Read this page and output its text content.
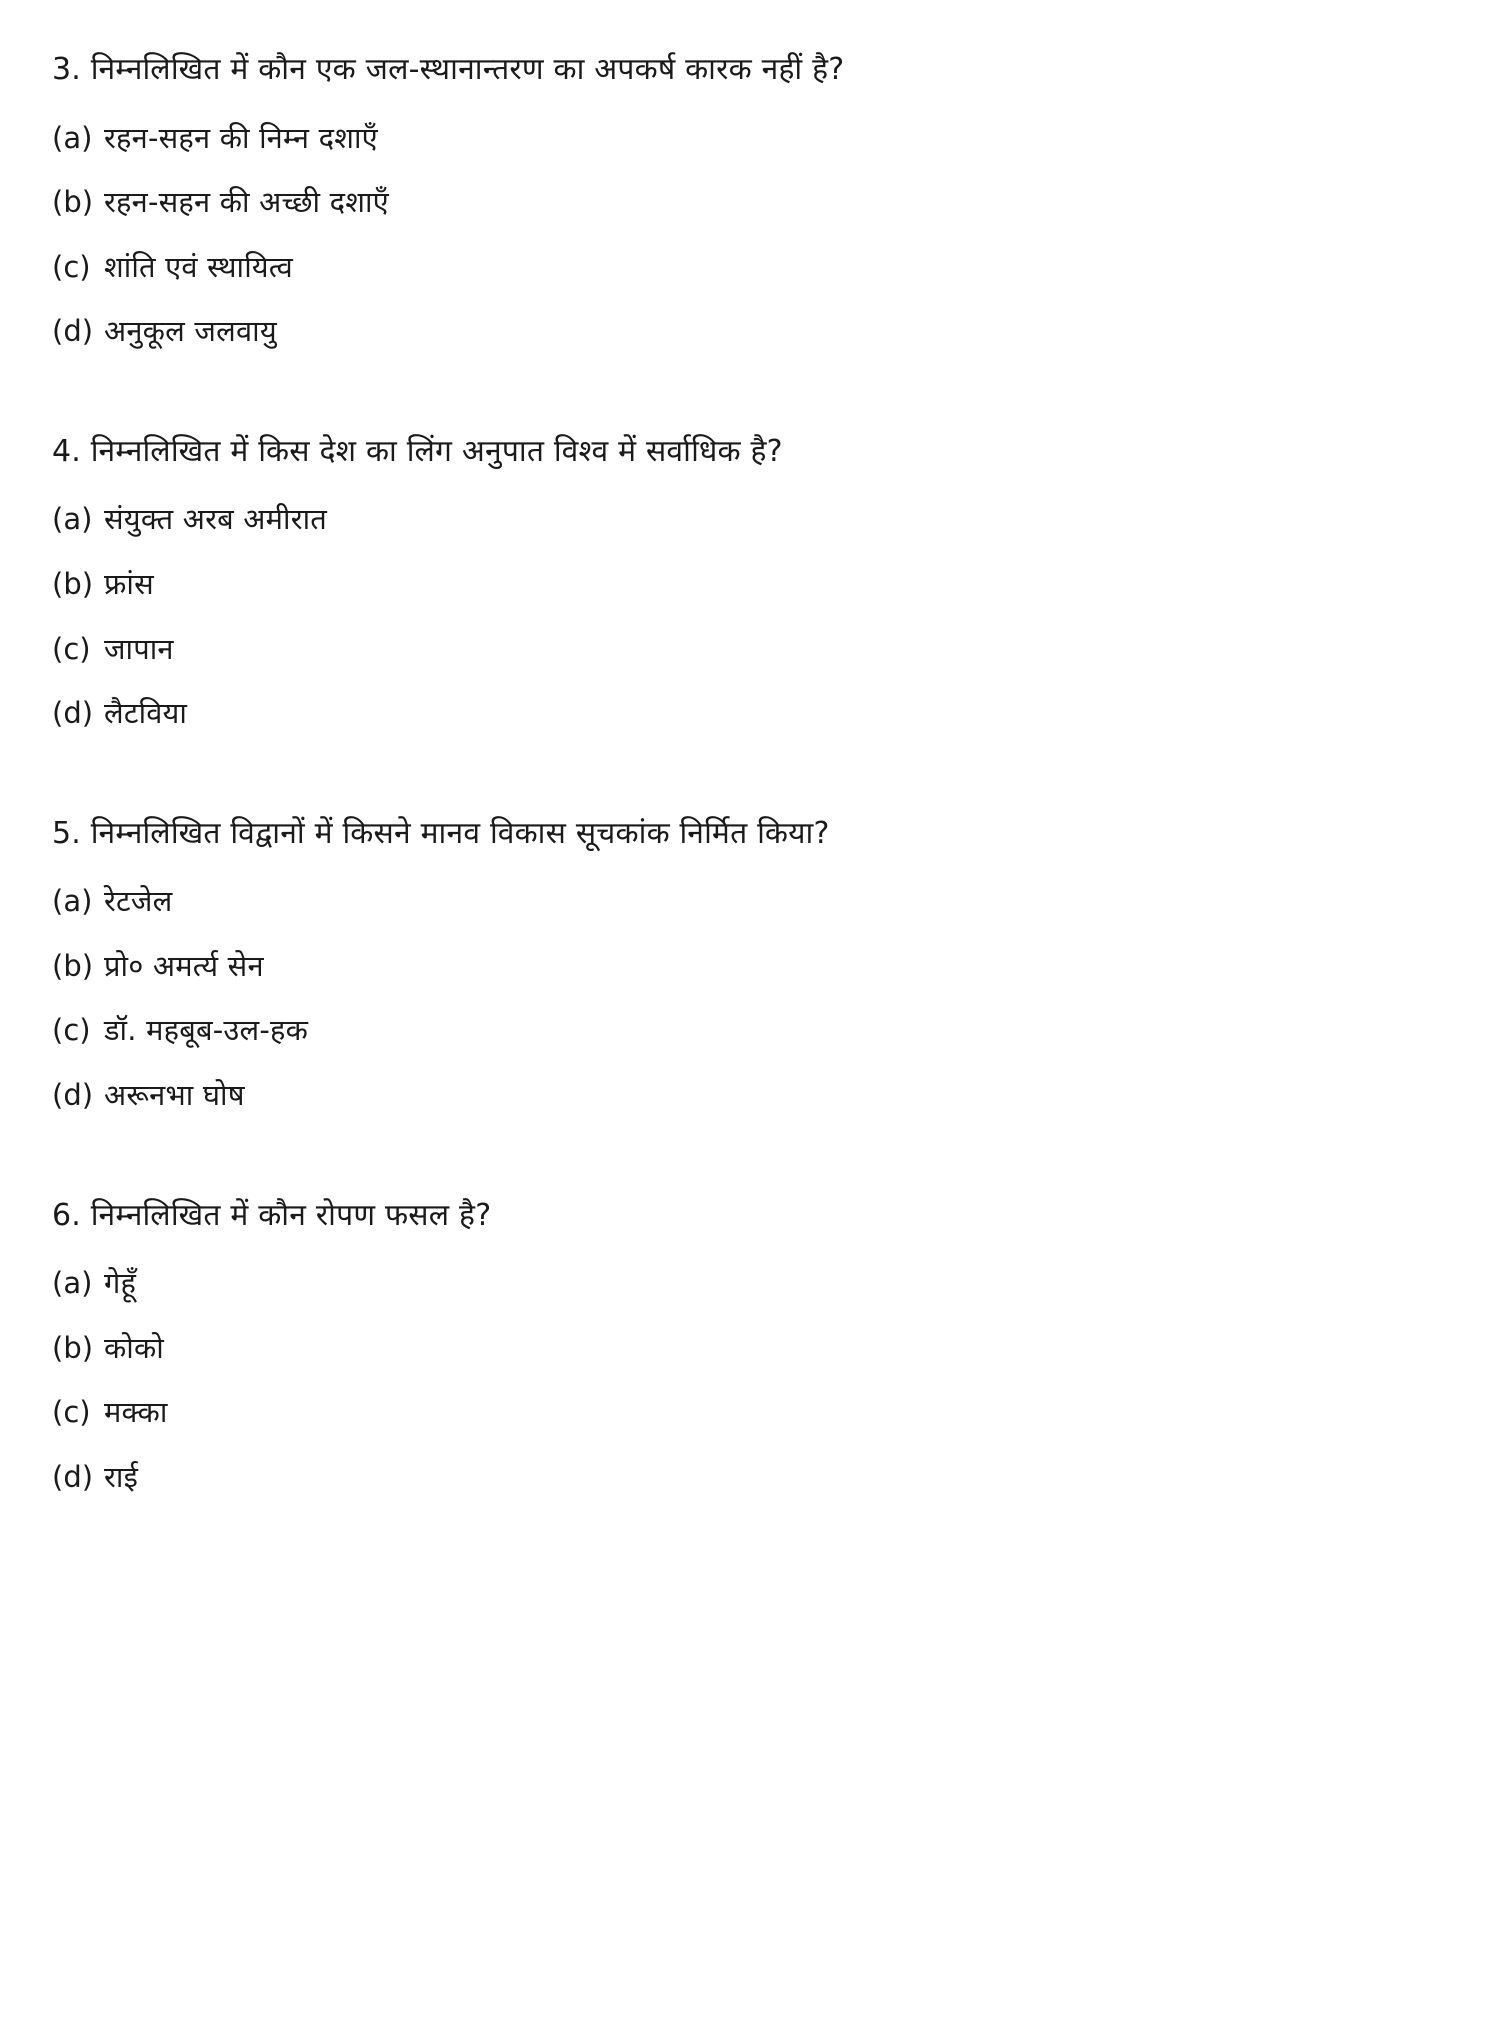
3. निम्नलिखित में कौन एक जल-स्थानान्तरण का अपकर्ष कारक नहीं है?

(a) रहन-सहन की निम्न दशाएँ
(b) रहन-सहन की अच्छी दशाएँ
(c) शांति एवं स्थायित्व
(d) अनुकूल जलवायु

4. निम्नलिखित में किस देश का लिंग अनुपात विश्व में सर्वाधिक है?

(a) संयुक्त अरब अमीरात
(b) फ्रांस
(c) जापान
(d) लैटविया

5. निम्नलिखित विद्वानों में किसने मानव विकास सूचकांक निर्मित किया?

(a) रेटजेल
(b) प्रो० अमर्त्य सेन
(c) डॉ. महबूब-उल-हक
(d) अरूनभा घोष

6. निम्नलिखित में कौन रोपण फसल है?

(a) गेहूँ
(b) कोको
(c) मक्का
(d) राई
